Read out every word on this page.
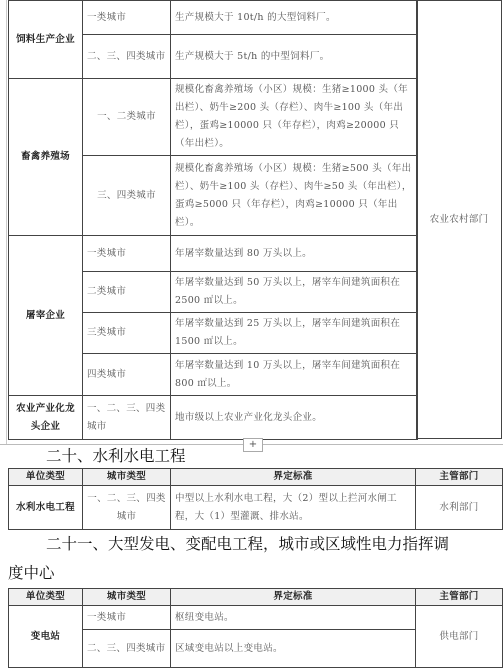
饲料生产企业	一类城市	生产规模大于 10t/h 的大型饲料厂。
	二、三、四类城市	生产规模大于 5t/h 的中型饲料厂。
畜禽养殖场	一、二类城市	规模化畜禽养殖场（小区）规模：生猪≥1000 头（年出栏）、奶牛≥200 头（存栏）、肉牛≥100 头（年出栏），蛋鸡≥10000 只（年存栏），肉鸡≥20000 只（年出栏）。
	三、四类城市	规模化畜禽养殖场（小区）规模：生猪≥500 头（年出栏）、奶牛≥100 头（存栏）、肉牛≥50 头（年出栏），蛋鸡≥5000 只（年存栏），肉鸡≥10000 只（年出栏）。
屠宰企业	一类城市	年屠宰数量达到 80 万头以上。
	二类城市	年屠宰数量达到 50 万头以上，屠宰车间建筑面积在 2500 ㎡以上。
	三类城市	年屠宰数量达到 25 万头以上，屠宰车间建筑面积在 1500 ㎡以上。
	四类城市	年屠宰数量达到 10 万头以上，屠宰车间建筑面积在 800 ㎡以上。
农业产业化龙头企业	一、二、三、四类城市	地市级以上农业产业化龙头企业。
农业农村部门
+
二十、水利水电工程
单位类型	城市类型	界定标准	主管部门
水利水电工程	一、二、三、四类城市	中型以上水利水电工程，大（2）型以上拦河水闸工程，大（1）型灌溉、排水站。	水利部门
二十一、大型发电、变配电工程，城市或区域性电力指挥调
度中心
单位类型	城市类型	界定标准	主管部门
变电站	一类城市	枢纽变电站。	供电部门
	二、三、四类城市	区域变电站以上变电站。	
